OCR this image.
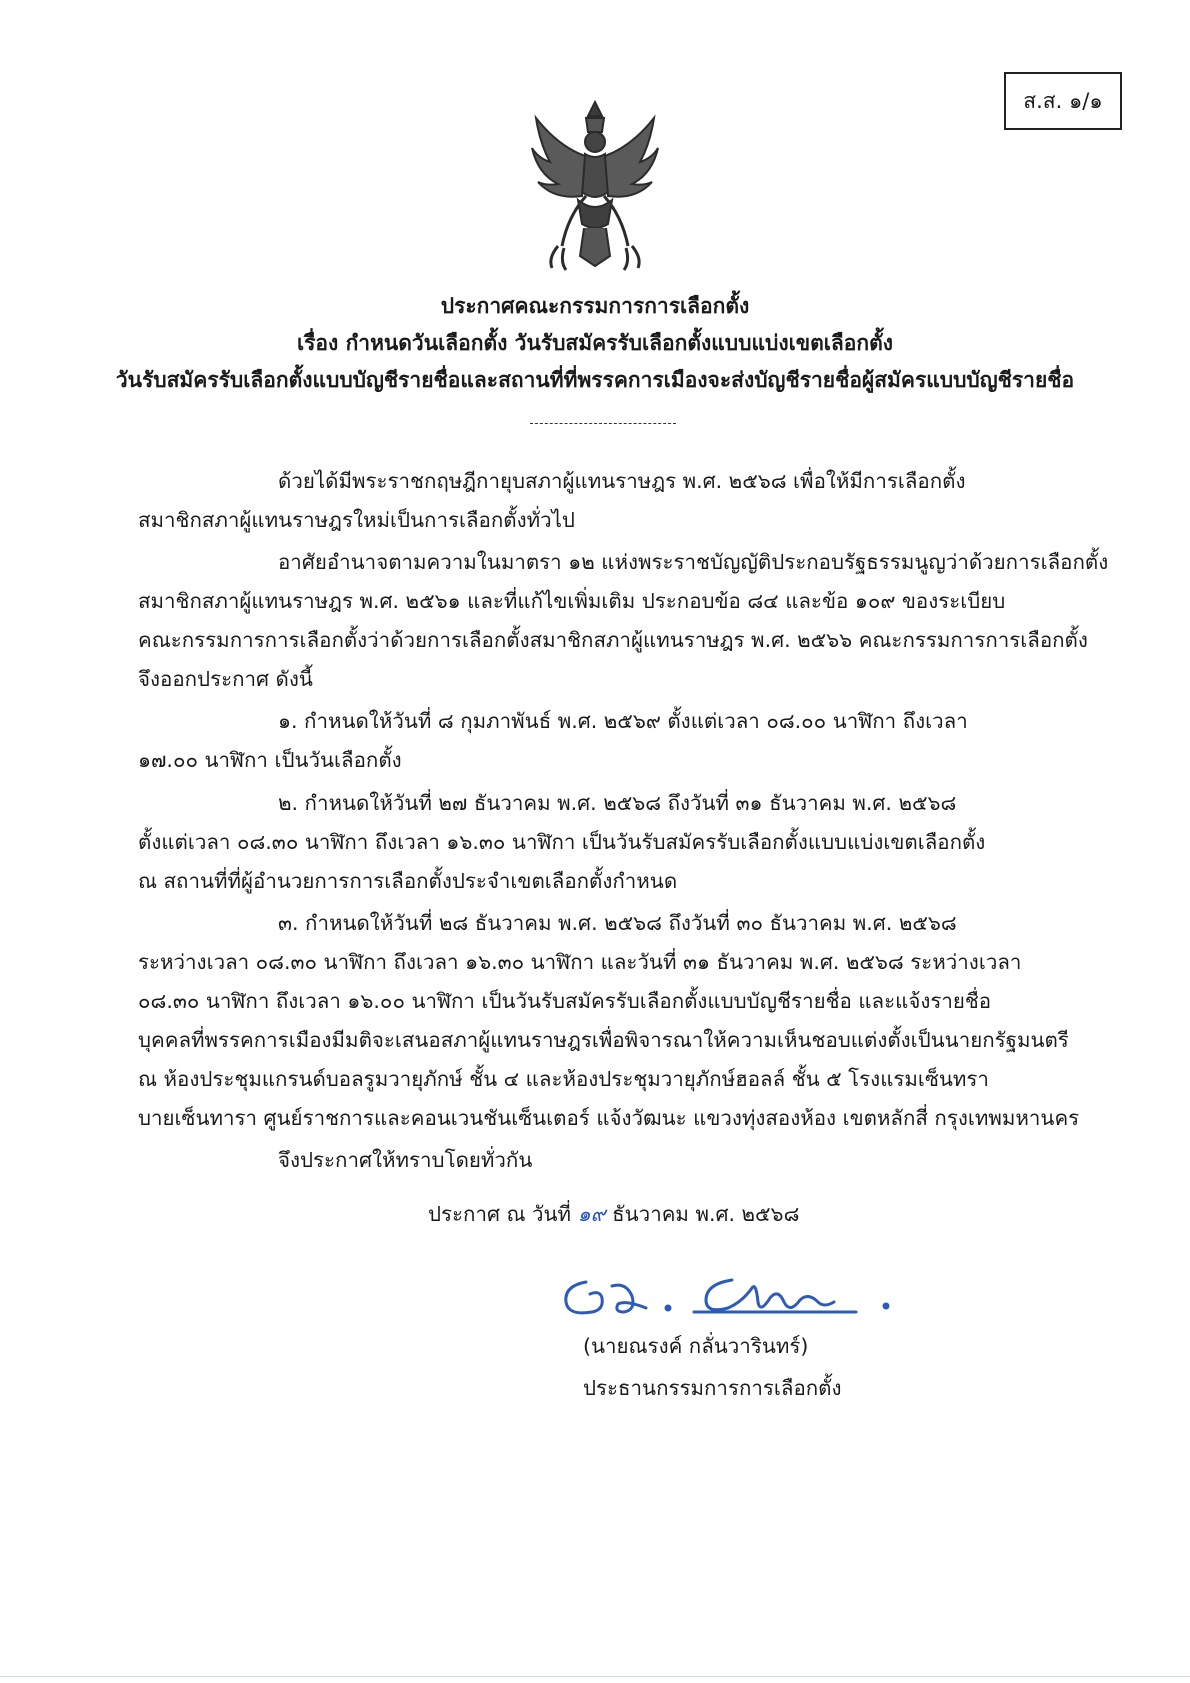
ส.ส. ๑/๑
ประกาศคณะกรรมการการเลือกตั้ง
เรื่อง กำหนดวันเลือกตั้ง วันรับสมัครรับเลือกตั้งแบบแบ่งเขตเลือกตั้ง
วันรับสมัครรับเลือกตั้งแบบบัญชีรายชื่อและสถานที่ที่พรรคการเมืองจะส่งบัญชีรายชื่อผู้สมัครแบบบัญชีรายชื่อ
ด้วยได้มีพระราชกฤษฎีกายุบสภาผู้แทนราษฎร พ.ศ. ๒๕๖๘ เพื่อให้มีการเลือกตั้ง
สมาชิกสภาผู้แทนราษฎรใหม่เป็นการเลือกตั้งทั่วไป
อาศัยอำนาจตามความในมาตรา ๑๒ แห่งพระราชบัญญัติประกอบรัฐธรรมนูญว่าด้วยการเลือกตั้ง
สมาชิกสภาผู้แทนราษฎร พ.ศ. ๒๕๖๑ และที่แก้ไขเพิ่มเติม ประกอบข้อ ๘๔ และข้อ ๑๐๙ ของระเบียบ
คณะกรรมการการเลือกตั้งว่าด้วยการเลือกตั้งสมาชิกสภาผู้แทนราษฎร พ.ศ. ๒๕๖๖ คณะกรรมการการเลือกตั้ง
จึงออกประกาศ ดังนี้
๑. กำหนดให้วันที่ ๘ กุมภาพันธ์ พ.ศ. ๒๕๖๙ ตั้งแต่เวลา ๐๘.๐๐ นาฬิกา ถึงเวลา
๑๗.๐๐ นาฬิกา เป็นวันเลือกตั้ง
๒. กำหนดให้วันที่ ๒๗ ธันวาคม พ.ศ. ๒๕๖๘ ถึงวันที่ ๓๑ ธันวาคม พ.ศ. ๒๕๖๘
ตั้งแต่เวลา ๐๘.๓๐ นาฬิกา ถึงเวลา ๑๖.๓๐ นาฬิกา เป็นวันรับสมัครรับเลือกตั้งแบบแบ่งเขตเลือกตั้ง
ณ สถานที่ที่ผู้อำนวยการการเลือกตั้งประจำเขตเลือกตั้งกำหนด
๓. กำหนดให้วันที่ ๒๘ ธันวาคม พ.ศ. ๒๕๖๘ ถึงวันที่ ๓๐ ธันวาคม พ.ศ. ๒๕๖๘
ระหว่างเวลา ๐๘.๓๐ นาฬิกา ถึงเวลา ๑๖.๓๐ นาฬิกา และวันที่ ๓๑ ธันวาคม พ.ศ. ๒๕๖๘ ระหว่างเวลา
๐๘.๓๐ นาฬิกา ถึงเวลา ๑๖.๐๐ นาฬิกา เป็นวันรับสมัครรับเลือกตั้งแบบบัญชีรายชื่อ และแจ้งรายชื่อ
บุคคลที่พรรคการเมืองมีมติจะเสนอสภาผู้แทนราษฎรเพื่อพิจารณาให้ความเห็นชอบแต่งตั้งเป็นนายกรัฐมนตรี
ณ ห้องประชุมแกรนด์บอลรูมวายุภักษ์ ชั้น ๔ และห้องประชุมวายุภักษ์ฮอลล์ ชั้น ๕ โรงแรมเซ็นทรา
บายเซ็นทารา ศูนย์ราชการและคอนเวนชันเซ็นเตอร์ แจ้งวัฒนะ แขวงทุ่งสองห้อง เขตหลักสี่ กรุงเทพมหานคร
จึงประกาศให้ทราบโดยทั่วกัน
ประกาศ ณ วันที่ ๑๙ ธันวาคม พ.ศ. ๒๕๖๘
(นายณรงค์ กลั่นวารินทร์)
ประธานกรรมการการเลือกตั้ง
